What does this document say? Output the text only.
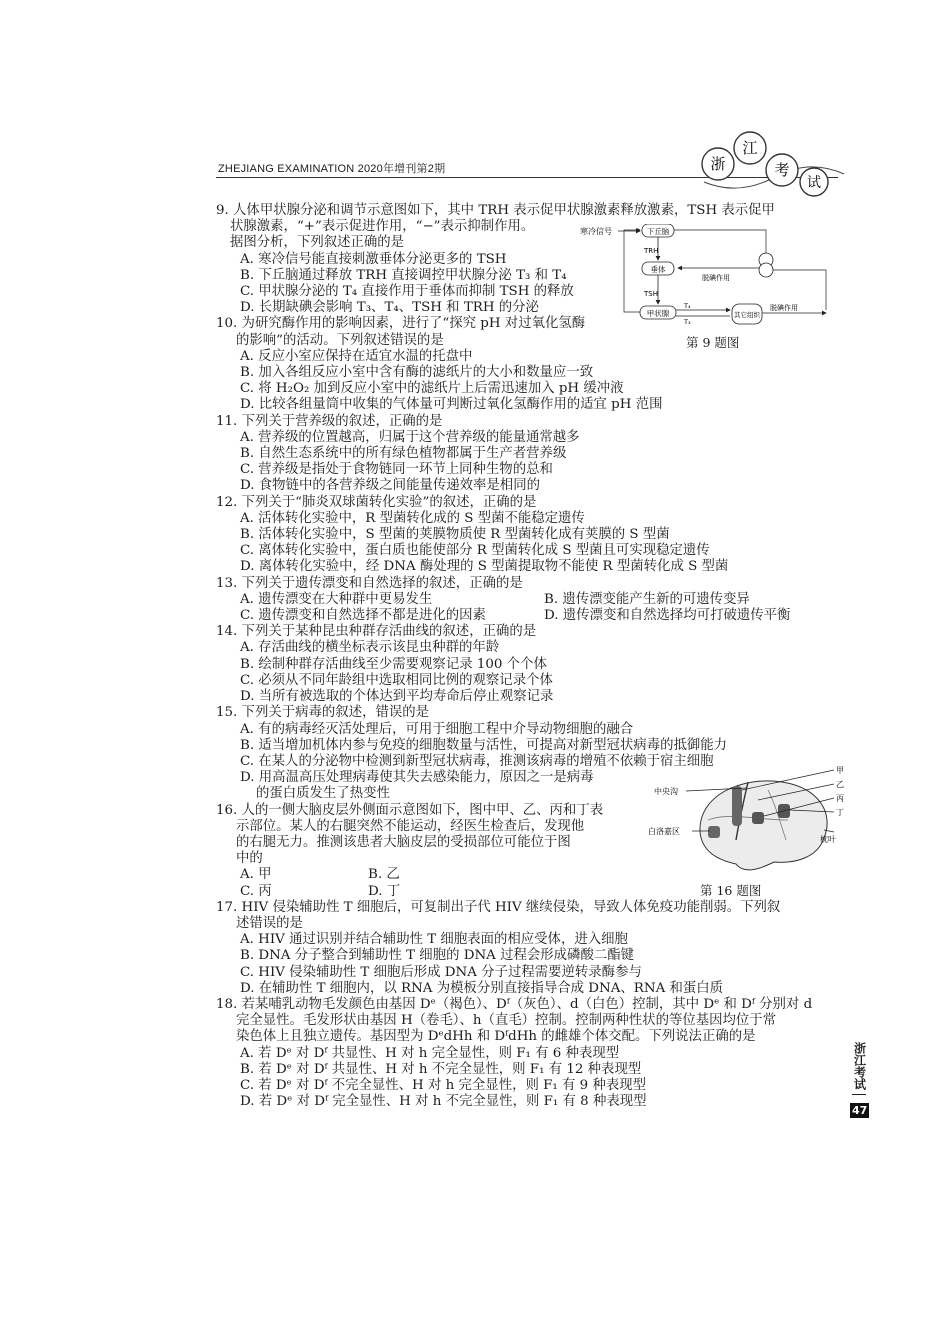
ZHEJIANG EXAMINATION 2020年增刊第2期	浙
江
考
试
9. 人体甲状腺分泌和调节示意图如下，其中 TRH 表示促甲状腺激素释放激素，TSH 表示促甲
状腺激素，“+”表示促进作用，“−”表示抑制作用。
据图分析，下列叙述正确的是
A. 寒冷信号能直接刺激垂体分泌更多的 TSH
B. 下丘脑通过释放 TRH 直接调控甲状腺分泌 T₃ 和 T₄
C. 甲状腺分泌的 T₄ 直接作用于垂体而抑制 TSH 的释放
D. 长期缺碘会影响 T₃、T₄、TSH 和 TRH 的分泌
10. 为研究酶作用的影响因素，进行了“探究 pH 对过氧化氢酶
的影响”的活动。下列叙述错误的是
A. 反应小室应保持在适宜水温的托盘中
B. 加入各组反应小室中含有酶的滤纸片的大小和数量应一致
C. 将 H₂O₂ 加到反应小室中的滤纸片上后需迅速加入 pH 缓冲液
D. 比较各组量筒中收集的气体量可判断过氧化氢酶作用的适宜 pH 范围
11. 下列关于营养级的叙述，正确的是
A. 营养级的位置越高，归属于这个营养级的能量通常越多
B. 自然生态系统中的所有绿色植物都属于生产者营养级
C. 营养级是指处于食物链同一环节上同种生物的总和
D. 食物链中的各营养级之间能量传递效率是相同的
12. 下列关于“肺炎双球菌转化实验”的叙述，正确的是
A. 活体转化实验中，R 型菌转化成的 S 型菌不能稳定遗传
B. 活体转化实验中，S 型菌的荚膜物质使 R 型菌转化成有荚膜的 S 型菌
C. 离体转化实验中，蛋白质也能使部分 R 型菌转化成 S 型菌且可实现稳定遗传
D. 离体转化实验中，经 DNA 酶处理的 S 型菌提取物不能使 R 型菌转化成 S 型菌
13. 下列关于遗传漂变和自然选择的叙述，正确的是
A. 遗传漂变在大种群中更易发生	B. 遗传漂变能产生新的可遗传变异
C. 遗传漂变和自然选择不都是进化的因素	D. 遗传漂变和自然选择均可打破遗传平衡
14. 下列关于某种昆虫种群存活曲线的叙述，正确的是
A. 存活曲线的横坐标表示该昆虫种群的年龄
B. 绘制种群存活曲线至少需要观察记录 100 个个体
C. 必须从不同年龄组中选取相同比例的观察记录个体
D. 当所有被选取的个体达到平均寿命后停止观察记录
15. 下列关于病毒的叙述，错误的是
A. 有的病毒经灭活处理后，可用于细胞工程中介导动物细胞的融合
B. 适当增加机体内参与免疫的细胞数量与活性，可提高对新型冠状病毒的抵御能力
C. 在某人的分泌物中检测到新型冠状病毒，推测该病毒的增殖不依赖于宿主细胞
D. 用高温高压处理病毒使其失去感染能力，原因之一是病毒
的蛋白质发生了热变性
16. 人的一侧大脑皮层外侧面示意图如下，图中甲、乙、丙和丁表
示部位。某人的右腿突然不能运动，经医生检查后，发现他
的右腿无力。推测该患者大脑皮层的受损部位可能位于图
中的
A. 甲	B. 乙
C. 丙	D. 丁
17. HIV 侵染辅助性 T 细胞后，可复制出子代 HIV 继续侵染，导致人体免疫功能削弱。下列叙
述错误的是
A. HIV 通过识别并结合辅助性 T 细胞表面的相应受体，进入细胞
B. DNA 分子整合到辅助性 T 细胞的 DNA 过程会形成磷酸二酯键
C. HIV 侵染辅助性 T 细胞后形成 DNA 分子过程需要逆转录酶参与
D. 在辅助性 T 细胞内，以 RNA 为模板分别直接指导合成 DNA、RNA 和蛋白质
18. 若某哺乳动物毛发颜色由基因 Dᵉ（褐色）、Dᶠ（灰色）、d（白色）控制，其中 Dᵉ 和 Dᶠ 分别对 d
完全显性。毛发形状由基因 H（卷毛）、h（直毛）控制。控制两种性状的等位基因均位于常
染色体上且独立遗传。基因型为 DᵉdHh 和 DᶠdHh 的雌雄个体交配。下列说法正确的是
A. 若 Dᵉ 对 Dᶠ 共显性、H 对 h 完全显性，则 F₁ 有 6 种表现型
B. 若 Dᵉ 对 Dᶠ 共显性、H 对 h 不完全显性，则 F₁ 有 12 种表现型
C. 若 Dᵉ 对 Dᶠ 不完全显性、H 对 h 完全显性，则 F₁ 有 9 种表现型
D. 若 Dᵉ 对 Dᶠ 完全显性、H 对 h 不完全显性，则 F₁ 有 8 种表现型
寒冷信号	下丘脑
TRH
垂体
TSH
甲状腺
T₄
T₃
其它组织
脱碘作用
脱碘作用
第 9 题图
中央沟
白洛嘉区
甲
乙
丙
丁
枕叶
第 16 题图
浙江考试
47
